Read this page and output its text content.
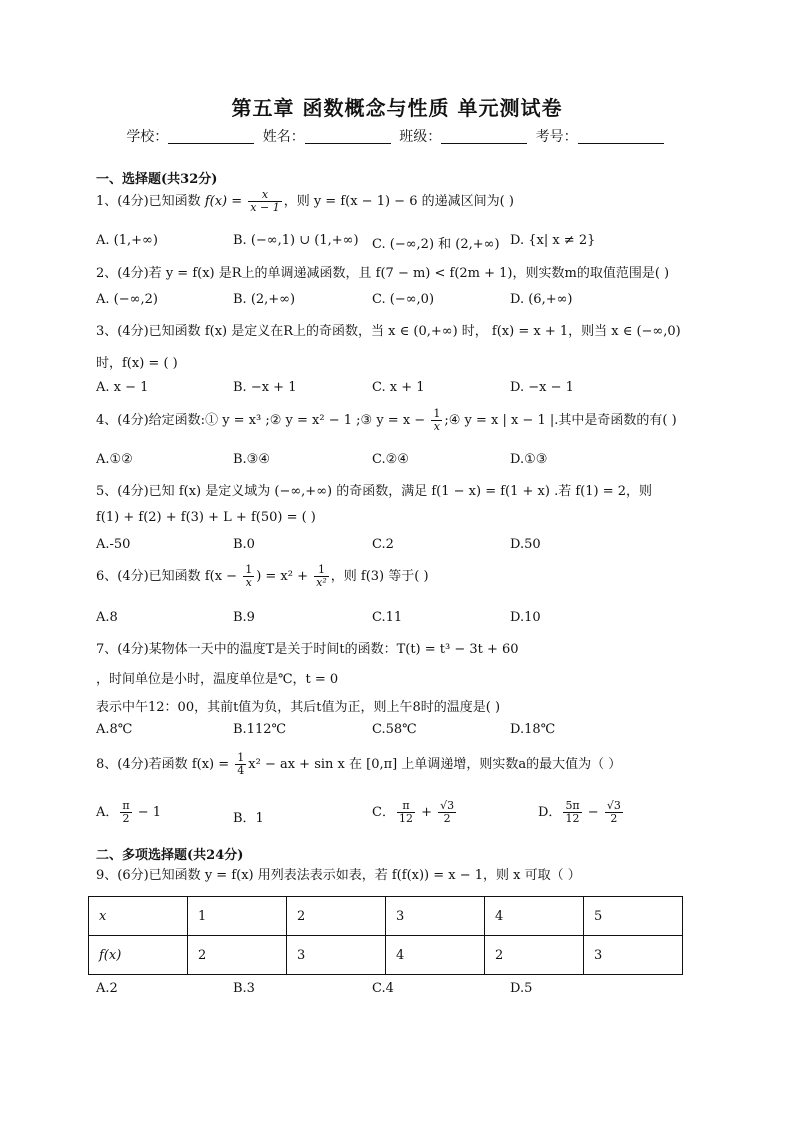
第五章 函数概念与性质 单元测试卷
学校：	姓名：	班级：	考号：
一、选择题(共32分)
1、(4分)已知函数 $f(x) = \frac{x}{x - 1}$ ，则 y = f(x − 1) − 6 的递减区间为( )
A. (1,+∞)	B. (−∞,1) ∪ (1,+∞) C. (−∞,2) 和 (2,+∞) D. {x| x ≠ 2}
2、(4分)若 y = f(x) 是R上的单调递减函数，且 f(7 − m) < f(2m + 1)，则实数m的取值范围是( )
A. (−∞,2)	B. (2,+∞)	C. (−∞,0)	D. (6,+∞)
3、(4分)已知函数 f(x) 是定义在R上的奇函数，当 x ∈ (0,+∞) 时， f(x) = x + 1，则当 x ∈ (−∞,0)
时，f(x) = ( )
A. x − 1	B. −x + 1	C. x + 1	D. −x − 1
4、(4分)给定函数:① y = x³ ;② y = x² − 1 ;③ $y = x - \frac{1}{x}$ ;④ y = x | x − 1 |.其中是奇函数的有( )
A.①②	B.③④	C.②④	D.①③
5、(4分)已知 f(x) 是定义域为 (−∞,+∞) 的奇函数，满足 f(1 − x) = f(1 + x) .若 f(1) = 2，则
f(1) + f(2) + f(3) + L + f(50) = ( )
A.-50	B.0	C.2	D.50
6、(4分)已知函数 $f(x - \frac{1}{x}$ ) = $x^2 + \frac{1}{\text{x²}}$ ，则 f(3) 等于( )
A.8	B.9	C.11	D.10
7、(4分)某物体一天中的温度T是关于时间t的函数：T(t) = t³ − 3t + 60
，时间单位是小时，温度单位是℃，t = 0
表示中午12：00，其前t值为负，其后t值为正，则上午8时的温度是( )
A.8℃	B.112℃	C.58℃	D.18℃
8、(4分)若函数 $f(x) = \frac{1}{4} x^2$ − ax + sin x 在 [0,π] 上单调递增，则实数a的最大值为（ ）
A． $\frac{\pi}{2} - 1$	B．1	C． $\frac{\pi}{12} + \frac{√3}{2}$	D． $\frac{5\pi}{12} - \frac{√3}{2}$
二、多项选择题(共24分)
9、(6分)已知函数 y = f(x) 用列表法表示如表，若 f(f(x)) = x − 1，则 x 可取（ ）
x	1	2	3	4	5
f(x)	2	3	4	2	3
A.2	B.3	C.4	D.5
